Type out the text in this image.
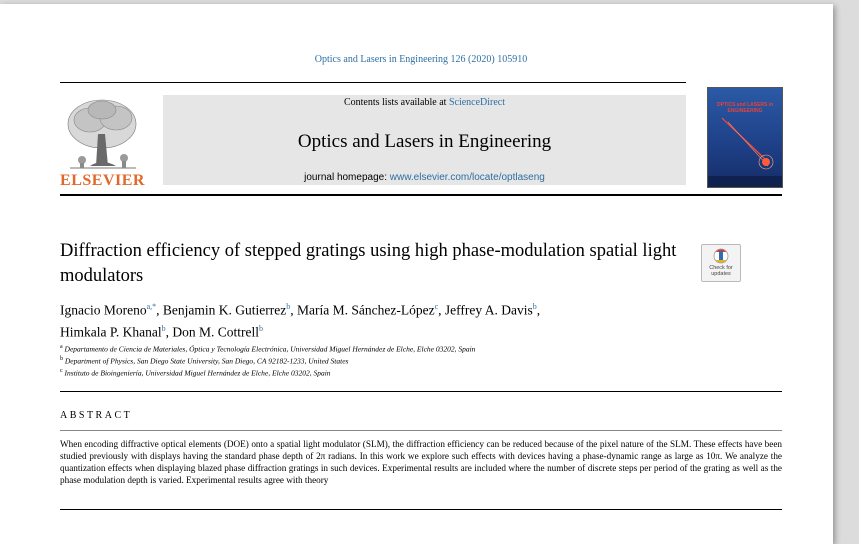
Optics and Lasers in Engineering 126 (2020) 105910
ELSEVIER
Contents lists available at ScienceDirect
Optics and Lasers in Engineering
journal homepage: www.elsevier.com/locate/optlaseng
OPTICS and LASERS in ENGINEERING
Diffraction efficiency of stepped gratings using high phase-modulation spatial light modulators	Check for updates
Ignacio Moreno$^{a,*}$, Benjamin K. Gutierrez$^b$, María M. Sánchez-López$^c$, Jeffrey A. Davis$^b$,
Himkala P. Khanal$^b$, Don M. Cottrell$^b$
$^a$ Departamento de Ciencia de Materiales, Óptica y Tecnología Electrónica, Universidad Miguel Hernández de Elche, Elche 03202, Spain
$^b$ Department of Physics, San Diego State University, San Diego, CA 92182-1233, United States
$^c$ Instituto de Bioingeniería, Universidad Miguel Hernández de Elche, Elche 03202, Spain
ABSTRACT
When encoding diffractive optical elements (DOE) onto a spatial light modulator (SLM), the diffraction efficiency can be reduced because of the pixel nature of the SLM. These effects have been studied previously with displays having the standard phase depth of 2π radians. In this work we explore such effects with devices having a phase-dynamic range as large as 10π. We analyze the quantization effects when displaying blazed phase diffraction gratings in such devices. Experimental results are included where the number of discrete steps per period of the grating as well as the phase modulation depth is varied. Experimental results agree with theory
